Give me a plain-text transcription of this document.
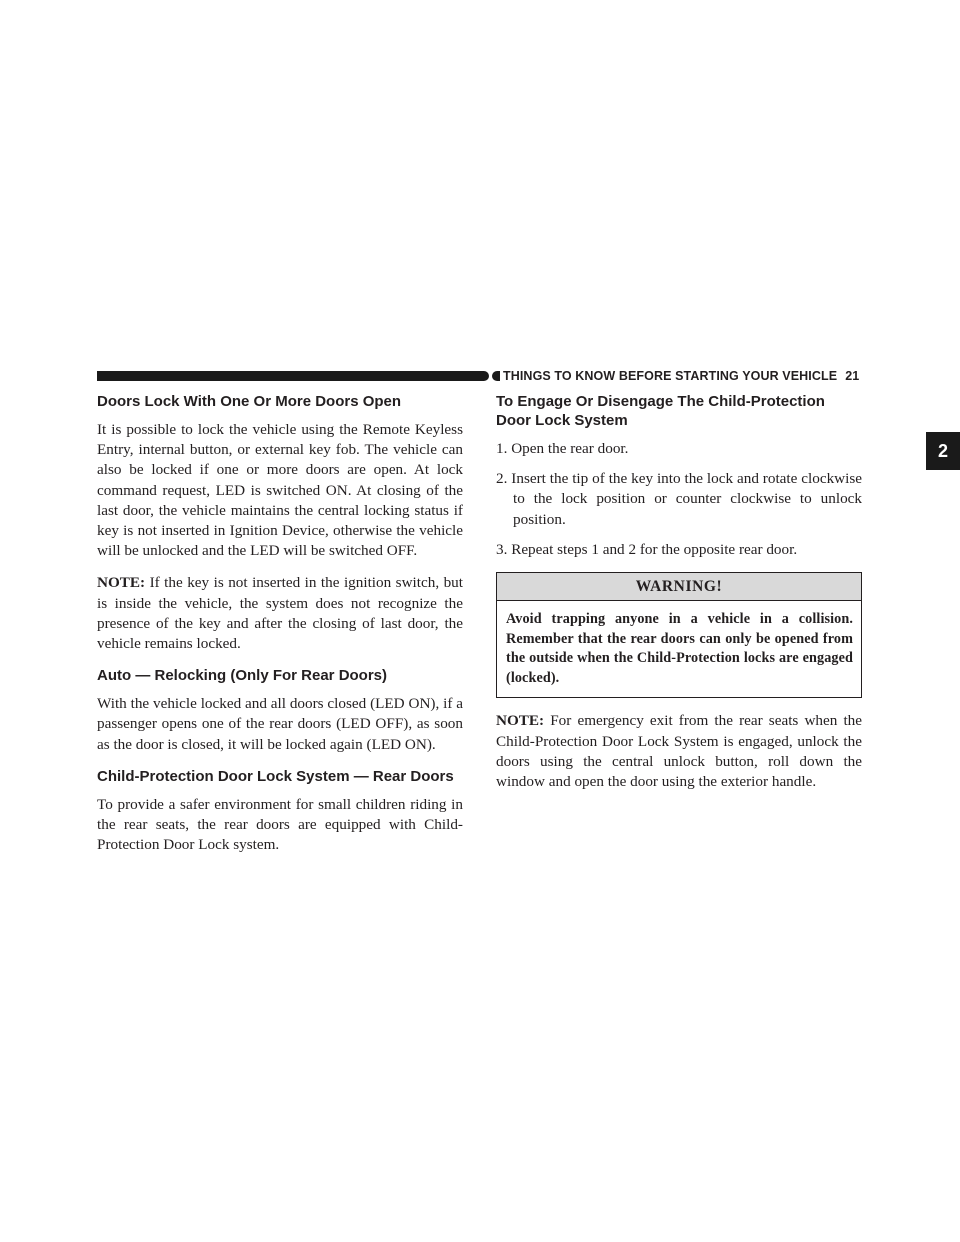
THINGS TO KNOW BEFORE STARTING YOUR VEHICLE 21
2
Doors Lock With One Or More Doors Open

It is possible to lock the vehicle using the Remote Keyless Entry, internal button, or external key fob. The vehicle can also be locked if one or more doors are open. At lock command request, LED is switched ON. At closing of the last door, the vehicle maintains the central locking status if key is not inserted in Ignition Device, otherwise the vehicle will be unlocked and the LED will be switched OFF.

NOTE: If the key is not inserted in the ignition switch, but is inside the vehicle, the system does not recognize the presence of the key and after the closing of last door, the vehicle remains locked.

Auto — Relocking (Only For Rear Doors)

With the vehicle locked and all doors closed (LED ON), if a passenger opens one of the rear doors (LED OFF), as soon as the door is closed, it will be locked again (LED ON).

Child-Protection Door Lock System — Rear Doors

To provide a safer environment for small children riding in the rear seats, the rear doors are equipped with Child-Protection Door Lock system.

To Engage Or Disengage The Child-Protection Door Lock System
1. Open the rear door.
2. Insert the tip of the key into the lock and rotate clockwise to the lock position or counter clockwise to unlock position.
3. Repeat steps 1 and 2 for the opposite rear door.
WARNING!
Avoid trapping anyone in a vehicle in a collision. Remember that the rear doors can only be opened from the outside when the Child-Protection locks are engaged (locked).

NOTE: For emergency exit from the rear seats when the Child-Protection Door Lock System is engaged, unlock the doors using the central unlock button, roll down the window and open the door using the exterior handle.
